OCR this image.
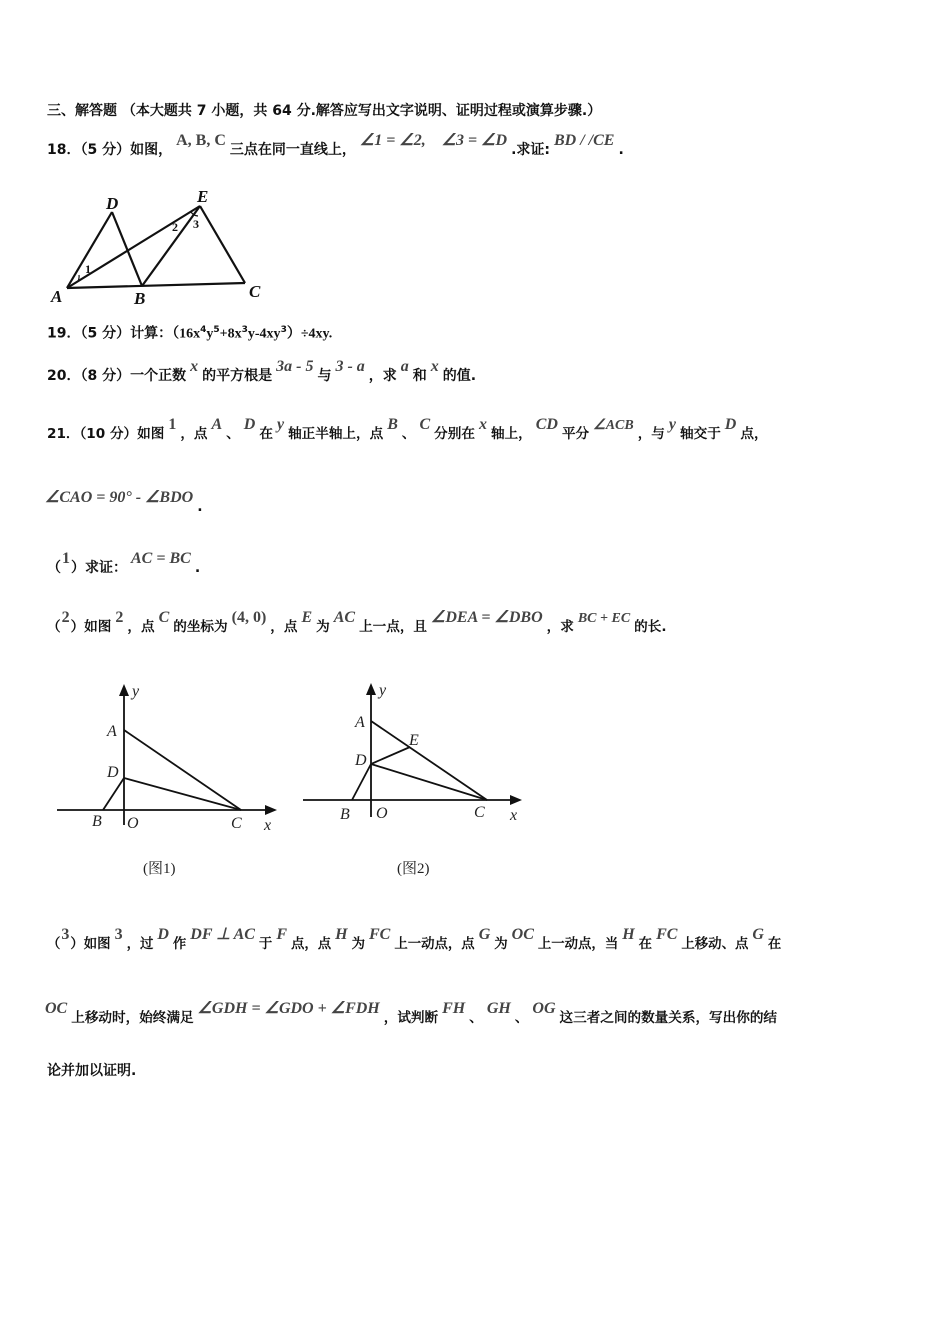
三、解答题 （本大题共 7 小题，共 64 分.解答应写出文字说明、证明过程或演算步骤.）
18．（5 分）如图，A, B, C三点在同一直线上，∠1 = ∠2, ∠3 = ∠D.求证:BD / /CE.
D	E
A	B	C
1
2 3
19．（5 分）计算：$(16x^4y^5+8x^3y-4xy^3)\div 4xy$.
20．（8 分）一个正数x的平方根是3a - 5与3 - a，求a和x的值.
21．（10 分）如图1，点A、D在y轴正半轴上，点B、C分别在x轴上，CD平分∠ACB，与y轴交于D点，
∠CAO = 90° - ∠BDO.
（1）求证：AC = BC.
（2）如图2，点C的坐标为(4, 0)，点E为AC上一点，且∠DEA = ∠DBO，求BC + EC的长.
y
x
A
D
B O	C
(图1)
y
x
A
E
D
B O	C
(图2)
（3）如图3，过D作DF ⊥ AC于F点，点H为FC上一动点，点G为OC上一动点，当H在FC上移动、点G在
OC上移动时，始终满足∠GDH = ∠GDO + ∠FDH，试判断FH、GH、OG这三者之间的数量关系，写出你的结
论并加以证明.
